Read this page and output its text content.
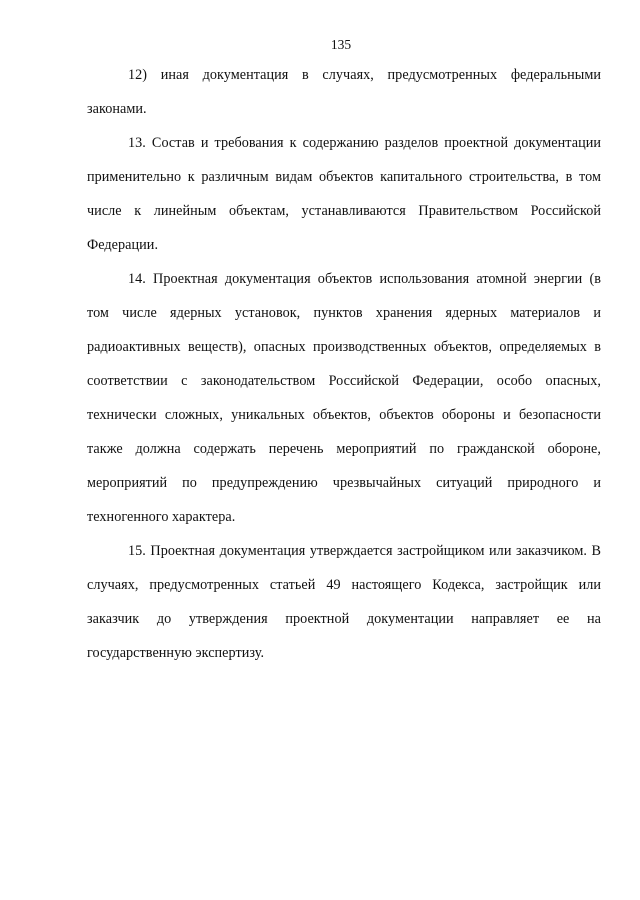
135

12) иная документация в случаях, предусмотренных федеральными законами.

13. Состав и требования к содержанию разделов проектной документации применительно к различным видам объектов капитального строительства, в том числе к линейным объектам, устанавливаются Правительством Российской Федерации.

14. Проектная документация объектов использования атомной энергии (в том числе ядерных установок, пунктов хранения ядерных материалов и радиоактивных веществ), опасных производственных объектов, определяемых в соответствии с законодательством Российской Федерации, особо опасных, технически сложных, уникальных объектов, объектов обороны и безопасности также должна содержать перечень мероприятий по гражданской обороне, мероприятий по предупреждению чрезвычайных ситуаций природного и техногенного характера.

15. Проектная документация утверждается застройщиком или заказчиком. В случаях, предусмотренных статьей 49 настоящего Кодекса, застройщик или заказчик до утверждения проектной документации направляет ее на государственную экспертизу.
